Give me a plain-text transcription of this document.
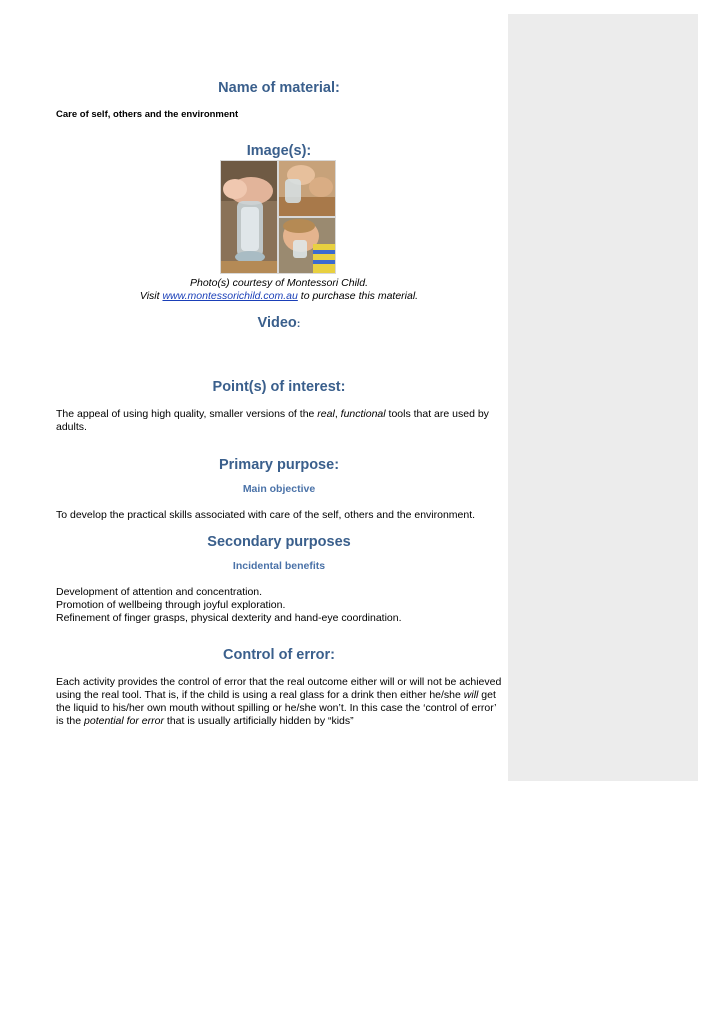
Name of material:
Care of self, others and the environment
Image(s):
Photo(s) courtesy of Montessori Child.
Visit www.montessorichild.com.au to purchase this material.
Video:
Point(s) of interest:
The appeal of using high quality, smaller versions of the real, functional tools that are used by adults.
Primary purpose:
Main objective
To develop the practical skills associated with care of the self, others and the environment.
Secondary purposes
Incidental benefits
Development of attention and concentration.
Promotion of wellbeing through joyful exploration.
Refinement of finger grasps, physical dexterity and hand-eye coordination.
Control of error:
Each activity provides the control of error that the real outcome either will or will not be achieved using the real tool. That is, if the child is using a real glass for a drink then either he/she will get the liquid to his/her own mouth without spilling or he/she won’t. In this case the ‘control of error’ is the potential for error that is usually artificially hidden by “kids”
